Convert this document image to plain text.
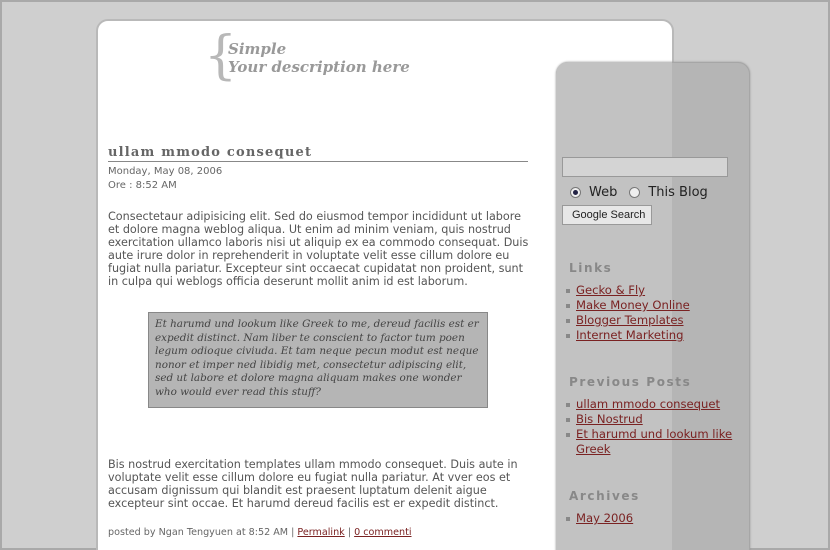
{
Simple
Your description here
ullam mmodo consequet
Monday, May 08, 2006
Ore : 8:52 AM
Consectetaur adipisicing elit. Sed do eiusmod tempor incididunt ut labore et dolore magna weblog aliqua. Ut enim ad minim veniam, quis nostrud exercitation ullamco laboris nisi ut aliquip ex ea commodo consequat. Duis aute irure dolor in reprehenderit in voluptate velit esse cillum dolore eu fugiat nulla pariatur. Excepteur sint occaecat cupidatat non proident, sunt in culpa qui weblogs officia deserunt mollit anim id est laborum.
Et harumd und lookum like Greek to me, dereud facilis est er expedit distinct. Nam liber te conscient to factor tum poen legum odioque civiuda. Et tam neque pecun modut est neque nonor et imper ned libidig met, consectetur adipiscing elit, sed ut labore et dolore magna aliquam makes one wonder who would ever read this stuff?
Bis nostrud exercitation templates ullam mmodo consequet. Duis aute in voluptate velit esse cillum dolore eu fugiat nulla pariatur. At vver eos et accusam dignissum qui blandit est praesent luptatum delenit aigue excepteur sint occae. Et harumd dereud facilis est er expedit distinct.
posted by Ngan Tengyuen at 8:52 AM | Permalink | 0 commenti
Web This Blog
Google Search
Links
Gecko & Fly
Make Money Online
Blogger Templates
Internet Marketing
Previous Posts
ullam mmodo consequet
Bis Nostrud
Et harumd und lookum like Greek
Archives
May 2006
